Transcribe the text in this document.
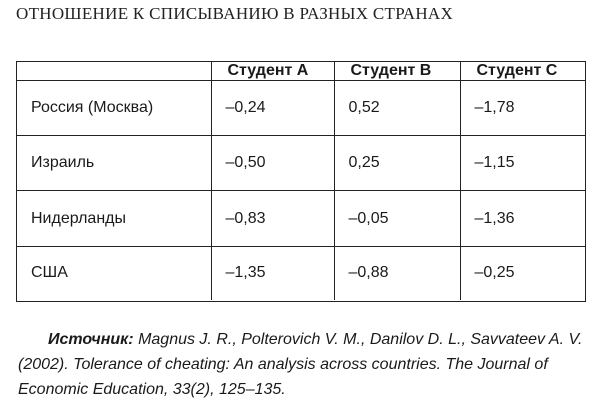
ОТНОШЕНИЕ К СПИСЫВАНИЮ В РАЗНЫХ СТРАНАХ
	Студент A	Студент B	Студент C
Россия (Москва)	–0,24	0,52	–1,78
Израиль	–0,50	0,25	–1,15
Нидерланды	–0,83	–0,05	–1,36
США	–1,35	–0,88	–0,25
Источник: Magnus J. R., Polterovich V. M., Danilov D. L., Savvateev A. V. (2002). Tolerance of cheating: An analysis across countries. The Journal of Economic Education, 33(2), 125–135.
